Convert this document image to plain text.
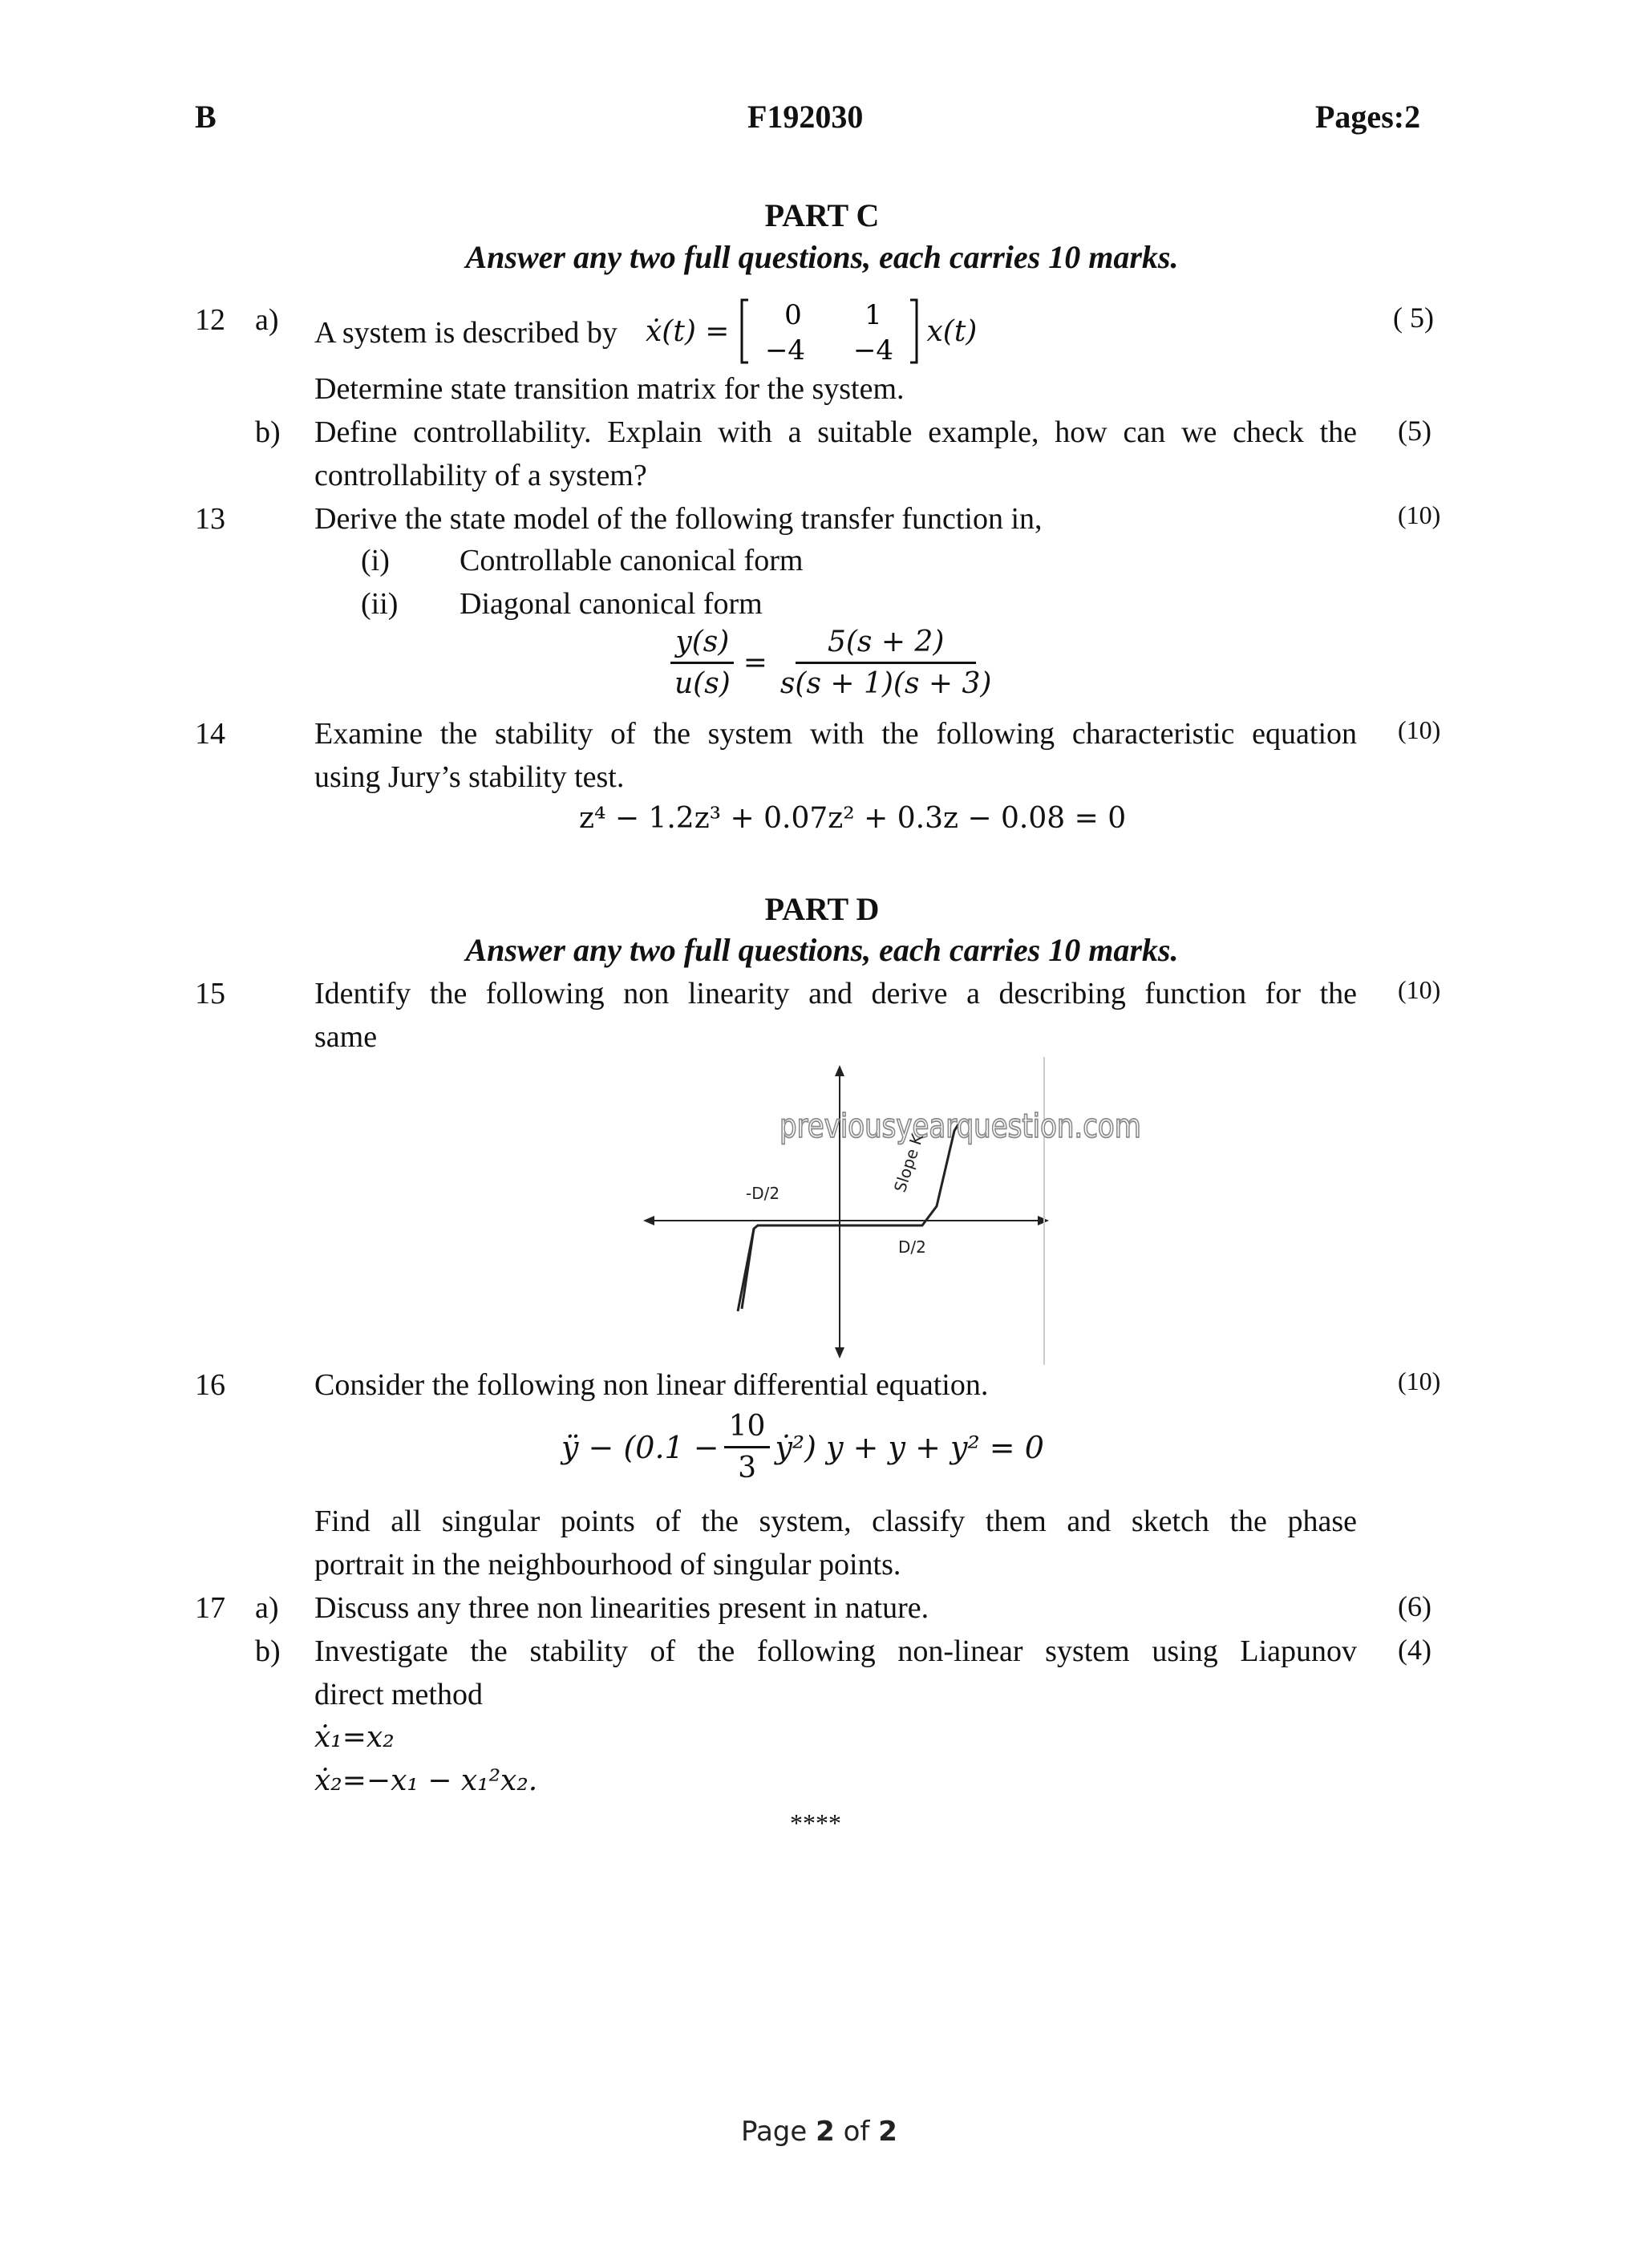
B	F192030	Pages:2
PART C
Answer any two full questions, each carries 10 marks.
12 a) A system is described by ẋ(t) = 0 1
−4 −4
x(t)	( 5)
Determine state transition matrix for the system.
b) Define controllability. Explain with a suitable example, how can we check the
controllability of a system?
(5)
13	Derive the state model of the following transfer function in,	(10)
(i) Controllable canonical form
(ii) Diagonal canonical form
$\frac{y(s)}{u(s)} = \frac{5(s + 2)}{s(s + 1)(s + 3)}$
14	Examine the stability of the system with the following characteristic equation
using Jury’s stability test.
(10)
z⁴ − 1.2z³ + 0.07z² + 0.3z − 0.08 = 0
PART D
Answer any two full questions, each carries 10 marks.
15	Identify the following non linearity and derive a describing function for the
same
(10)
previousyearquestion.com
-D/2
D/2
Slope K
16	Consider the following non linear differential equation.	(10)
ÿ − ($0.1 - \frac{10}{3}$ ẏ²) y + y + y² = 0
Find all singular points of the system, classify them and sketch the phase
portrait in the neighbourhood of singular points.
17 a) Discuss any three non linearities present in nature.	(6)
b) Investigate the stability of the following non-linear system using Liapunov
direct method
(4)
ẋ₁=x₂
ẋ₂=−x₁ − x₁²x₂.
****
Page 2 of 2
